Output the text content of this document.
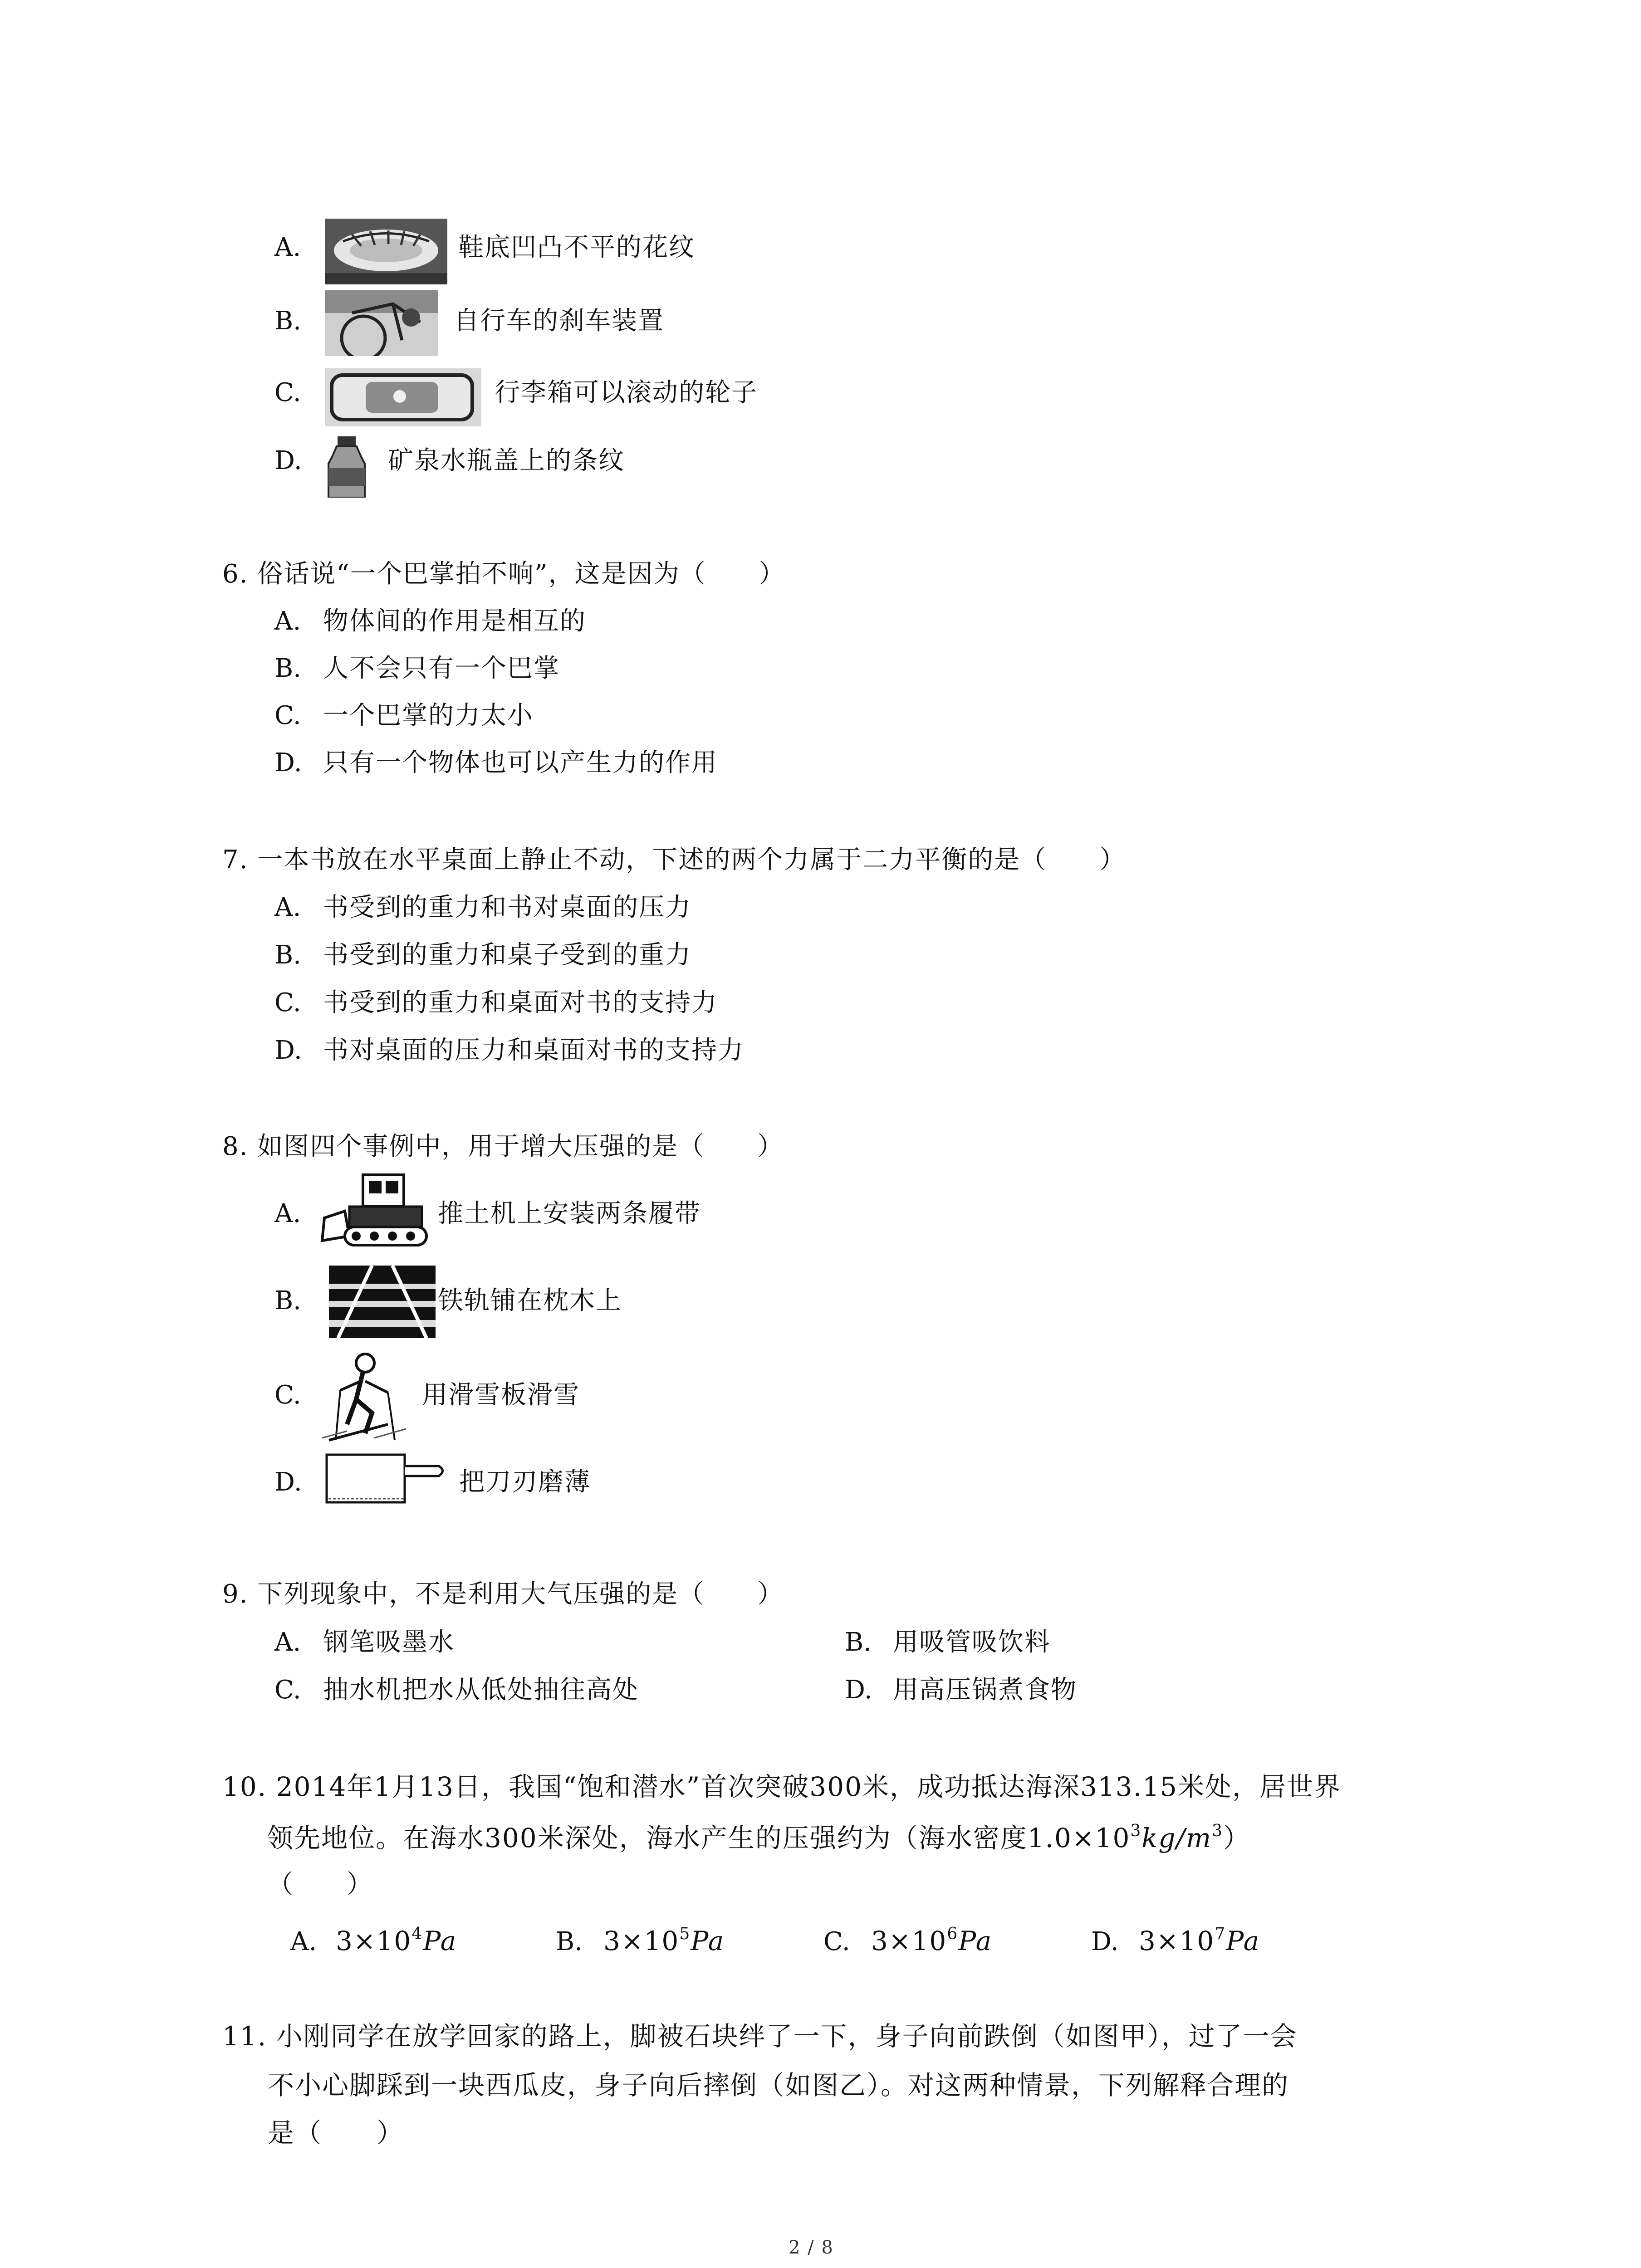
A.	鞋底凹凸不平的花纹
B.	自行车的刹车装置
C.	行李箱可以滚动的轮子
D.	矿泉水瓶盖上的条纹
6. 俗话说“一个巴掌拍不响”，这是因为（　　）
A. 物体间的作用是相互的
B. 人不会只有一个巴掌
C. 一个巴掌的力太小
D. 只有一个物体也可以产生力的作用
7. 一本书放在水平桌面上静止不动，下述的两个力属于二力平衡的是（　　）
A. 书受到的重力和书对桌面的压力
B. 书受到的重力和桌子受到的重力
C. 书受到的重力和桌面对书的支持力
D. 书对桌面的压力和桌面对书的支持力
8. 如图四个事例中，用于增大压强的是（　　）
A.	推土机上安装两条履带
B.	铁轨铺在枕木上
C.	用滑雪板滑雪
D.	把刀刃磨薄
9. 下列现象中，不是利用大气压强的是（　　）
A. 钢笔吸墨水	B. 用吸管吸饮料
C. 抽水机把水从低处抽往高处	D. 用高压锅煮食物
10. 2014年1月13日，我国“饱和潜水”首次突破300米，成功抵达海深313.15米处，居世界
领先地位。在海水300米深处，海水产生的压强约为（海水密度$1.0\times 10^3kg/m^3$）
（　　）
A. $3\times 10^4Pa$	B. $3\times 10^5Pa$	C. $3\times 10^6Pa$	D. $3\times 10^7Pa$
11. 小刚同学在放学回家的路上，脚被石块绊了一下，身子向前跌倒（如图甲），过了一会
不小心脚踩到一块西瓜皮，身子向后摔倒（如图乙）。对这两种情景，下列解释合理的
是（　　）
2 / 8
